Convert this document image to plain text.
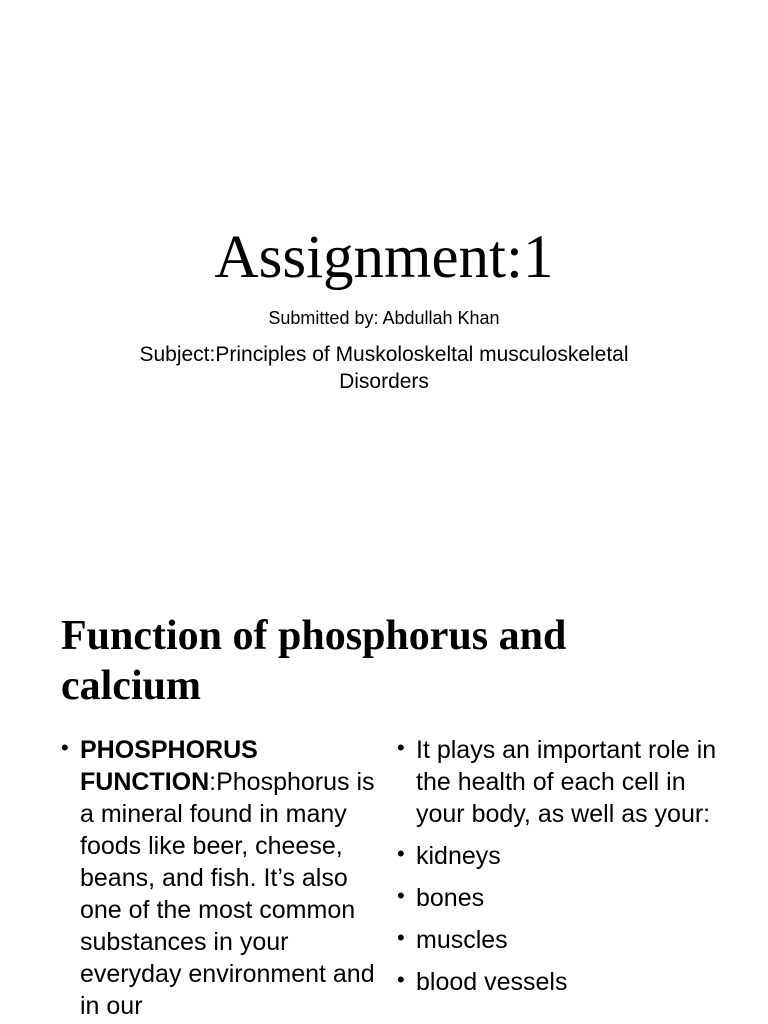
Assignment:1

Submitted by: Abdullah Khan

Subject:Principles of Muskoloskeltal musculoskeletal Disorders

Function of phosphorus and calcium
• PHOSPHORUS FUNCTION:Phosphorus is a mineral found in many foods like beer, cheese, beans, and fish. It’s also one of the most common substances in your everyday environment and in our
• It plays an important role in the health of each cell in your body, as well as your:
• kidneys
• bones
• muscles
• blood vessels
